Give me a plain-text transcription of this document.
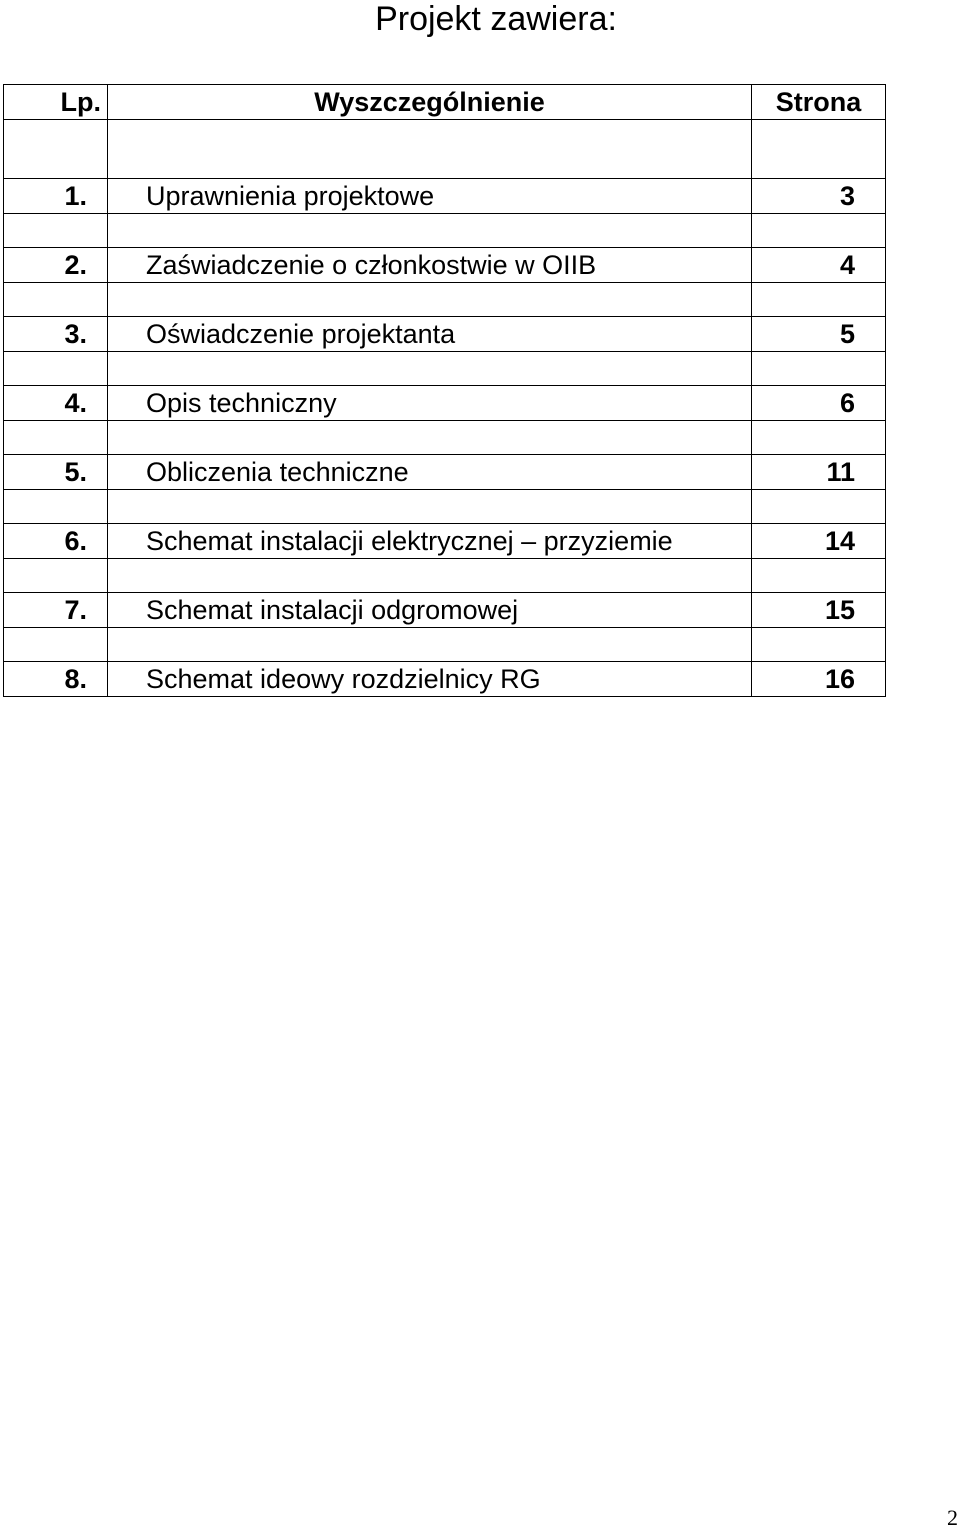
Projekt zawiera:
Lp.	Wyszczególnienie	Strona

1.	Uprawnienia projektowe	3

2.	Zaświadczenie o członkostwie w OIIB	4

3.	Oświadczenie projektanta	5

4.	Opis techniczny	6

5.	Obliczenia techniczne	11

6.	Schemat instalacji elektrycznej – przyziemie	14

7.	Schemat instalacji odgromowej	15

8.	Schemat ideowy rozdzielnicy RG	16
2
